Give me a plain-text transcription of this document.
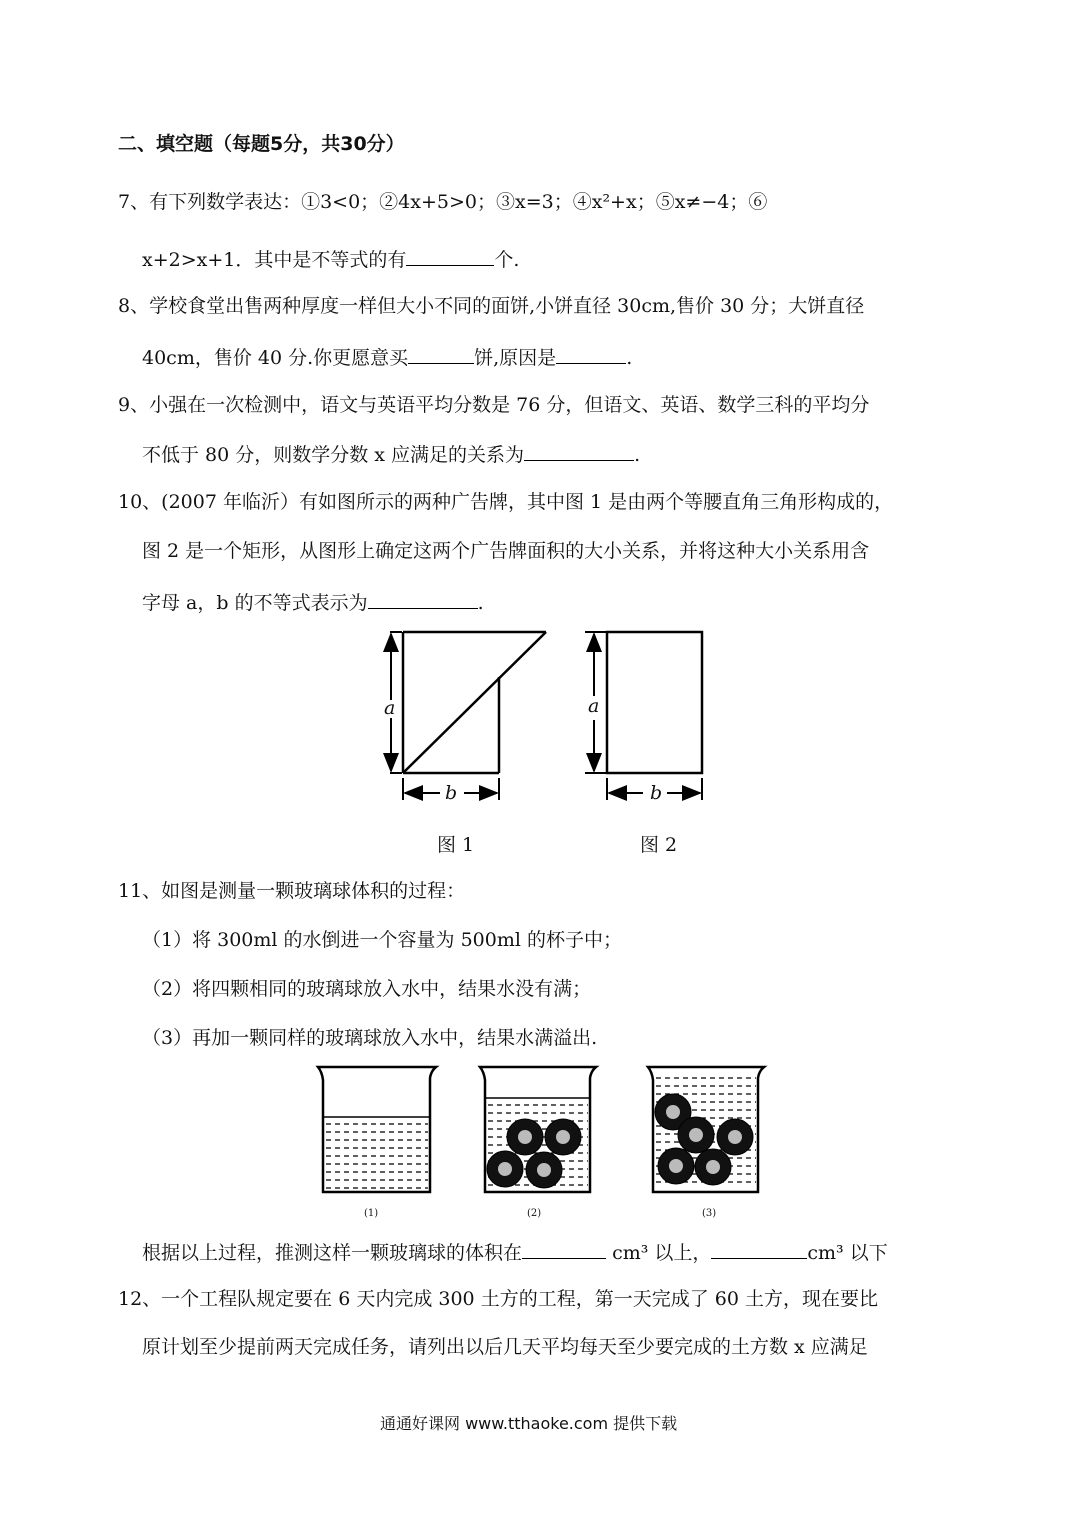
二、填空题（每题5分，共30分）
7、有下列数学表达：①3<0；②4x+5>0；③x=3；④x²+x；⑤x≠−4；⑥
x+2>x+1．其中是不等式的有	个.
8、学校食堂出售两种厚度一样但大小不同的面饼,小饼直径 30cm,售价 30 分；大饼直径
40cm，售价 40 分.你更愿意买	饼,原因是	.
9、小强在一次检测中，语文与英语平均分数是 76 分，但语文、英语、数学三科的平均分
不低于 80 分，则数学分数 x 应满足的关系为	.
10、(2007 年临沂）有如图所示的两种广告牌，其中图 1 是由两个等腰直角三角形构成的，
图 2 是一个矩形，从图形上确定这两个广告牌面积的大小关系，并将这种大小关系用含
字母 a，b 的不等式表示为	.
a
b
a
b
图 1	图 2
11、如图是测量一颗玻璃球体积的过程：
（1）将 300ml 的水倒进一个容量为 500ml 的杯子中；
（2）将四颗相同的玻璃球放入水中，结果水没有满；
（3）再加一颗同样的玻璃球放入水中，结果水满溢出.
(1)	(2)	(3)
根据以上过程，推测这样一颗玻璃球的体积在	cm³ 以上，	cm³ 以下
12、一个工程队规定要在 6 天内完成 300 土方的工程，第一天完成了 60 土方，现在要比
原计划至少提前两天完成任务，请列出以后几天平均每天至少要完成的土方数 x 应满足
通通好课网 www.tthaoke.com 提供下载
